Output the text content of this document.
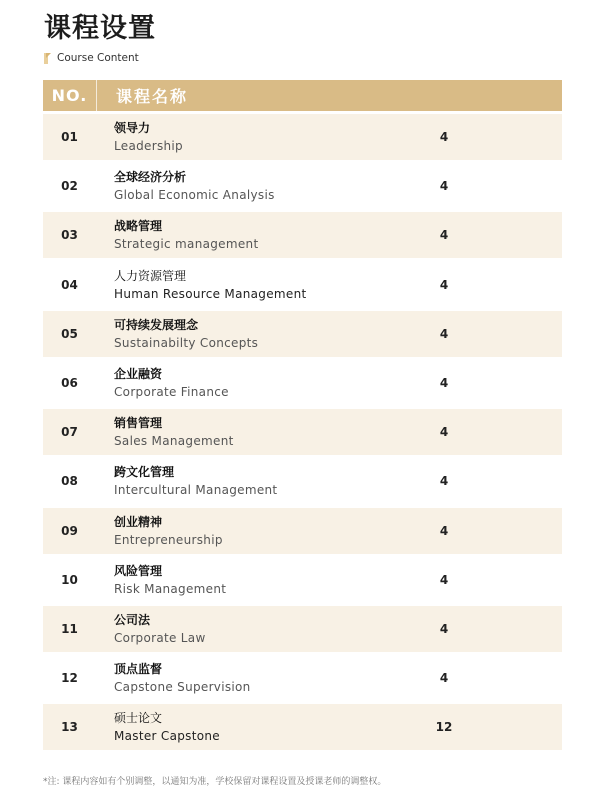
课程设置
Course Content
NO.	课程名称
01
领导力
Leadership
4
02
全球经济分析
Global Economic Analysis
4
03
战略管理
Strategic management
4
04
人力资源管理
Human Resource Management
4
05
可持续发展理念
Sustainabilty Concepts
4
06
企业融资
Corporate Finance
4
07
销售管理
Sales Management
4
08
跨文化管理
Intercultural Management
4
09
创业精神
Entrepreneurship
4
10
风险管理
Risk Management
4
11
公司法
Corporate Law
4
12
顶点监督
Capstone Supervision
4
13
硕士论文
Master Capstone
12
*注: 课程内容如有个别调整，以通知为准，学校保留对课程设置及授课老师的调整权。
